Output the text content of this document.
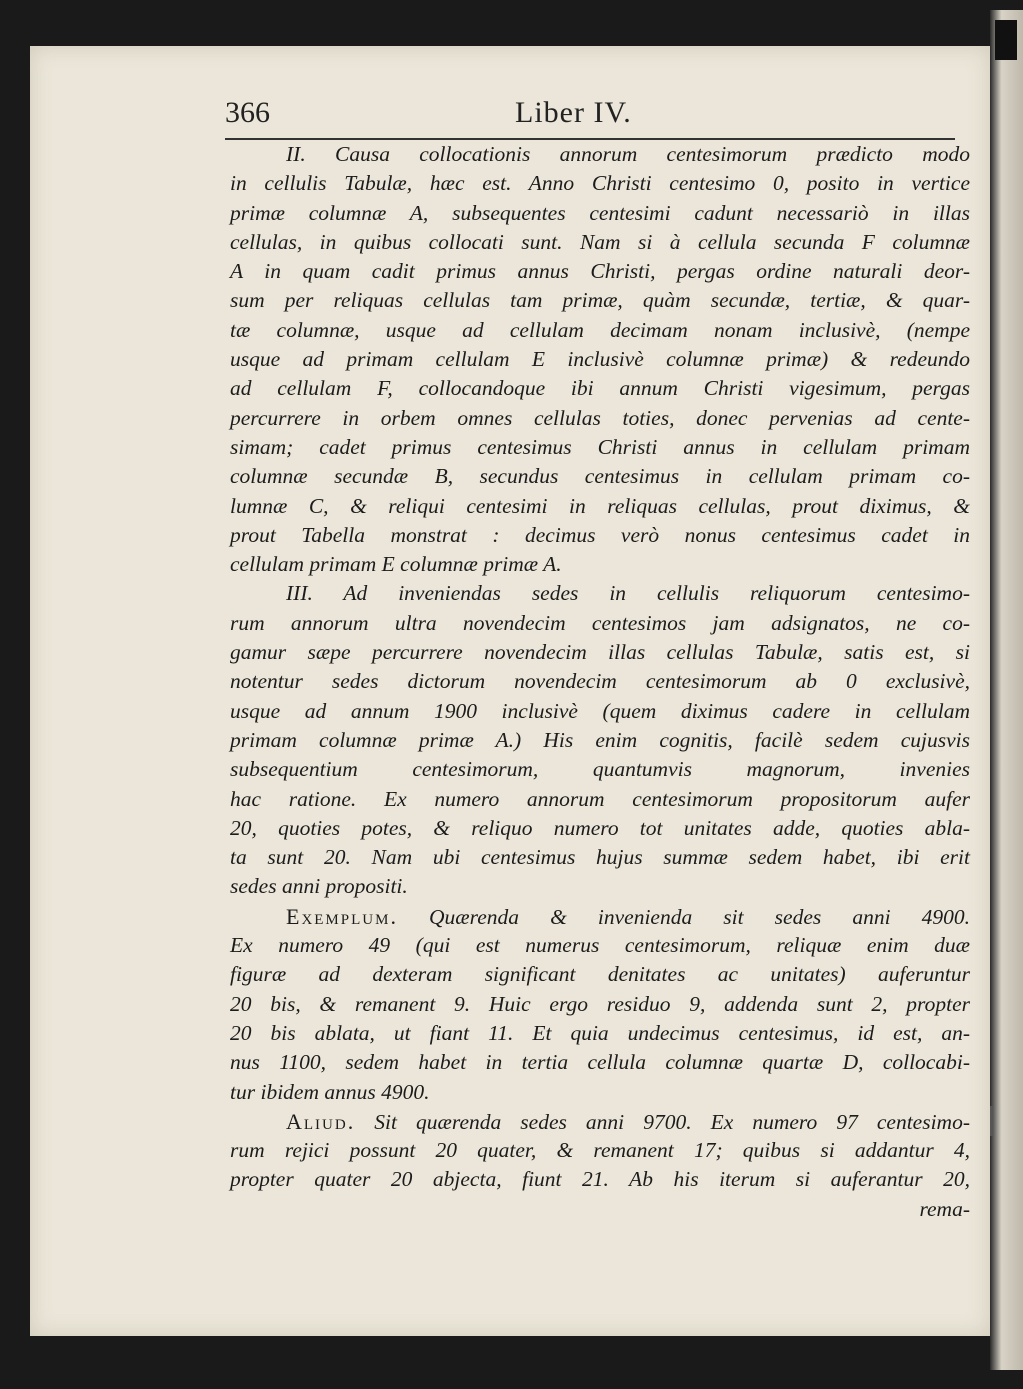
366	Liber IV.
II. Causa collocationis annorum centesimorum prædicto modo
in cellulis Tabulæ, hæc est. Anno Christi centesimo 0, posito in vertice
primæ columnæ A, subsequentes centesimi cadunt necessariò in illas
cellulas, in quibus collocati sunt. Nam si à cellula secunda F columnæ
A in quam cadit primus annus Christi, pergas ordine naturali deor-
sum per reliquas cellulas tam primæ, quàm secundæ, tertiæ, & quar-
tæ columnæ, usque ad cellulam decimam nonam inclusivè, (nempe
usque ad primam cellulam E inclusivè columnæ primæ) & redeundo
ad cellulam F, collocandoque ibi annum Christi vigesimum, pergas
percurrere in orbem omnes cellulas toties, donec pervenias ad cente-
simam; cadet primus centesimus Christi annus in cellulam primam
columnæ secundæ B, secundus centesimus in cellulam primam co-
lumnæ C, & reliqui centesimi in reliquas cellulas, prout diximus, &
prout Tabella monstrat : decimus verò nonus centesimus cadet in
cellulam primam E columnæ primæ A.
III. Ad inveniendas sedes in cellulis reliquorum centesimo-
rum annorum ultra novendecim centesimos jam adsignatos, ne co-
gamur sæpe percurrere novendecim illas cellulas Tabulæ, satis est, si
notentur sedes dictorum novendecim centesimorum ab 0 exclusivè,
usque ad annum 1900 inclusivè (quem diximus cadere in cellulam
primam columnæ primæ A.) His enim cognitis, facilè sedem cujusvis
subsequentium centesimorum, quantumvis magnorum, invenies
hac ratione. Ex numero annorum centesimorum propositorum aufer
20, quoties potes, & reliquo numero tot unitates adde, quoties abla-
ta sunt 20. Nam ubi centesimus hujus summæ sedem habet, ibi erit
sedes anni propositi.
Exemplum. Quærenda & invenienda sit sedes anni 4900.
Ex numero 49 (qui est numerus centesimorum, reliquæ enim duæ
figuræ ad dexteram significant denitates ac unitates) auferuntur
20 bis, & remanent 9. Huic ergo residuo 9, addenda sunt 2, propter
20 bis ablata, ut fiant 11. Et quia undecimus centesimus, id est, an-
nus 1100, sedem habet in tertia cellula columnæ quartæ D, collocabi-
tur ibidem annus 4900.
Aliud. Sit quærenda sedes anni 9700. Ex numero 97 centesimo-
rum rejici possunt 20 quater, & remanent 17; quibus si addantur 4,
propter quater 20 abjecta, fiunt 21. Ab his iterum si auferantur 20,
rema-
